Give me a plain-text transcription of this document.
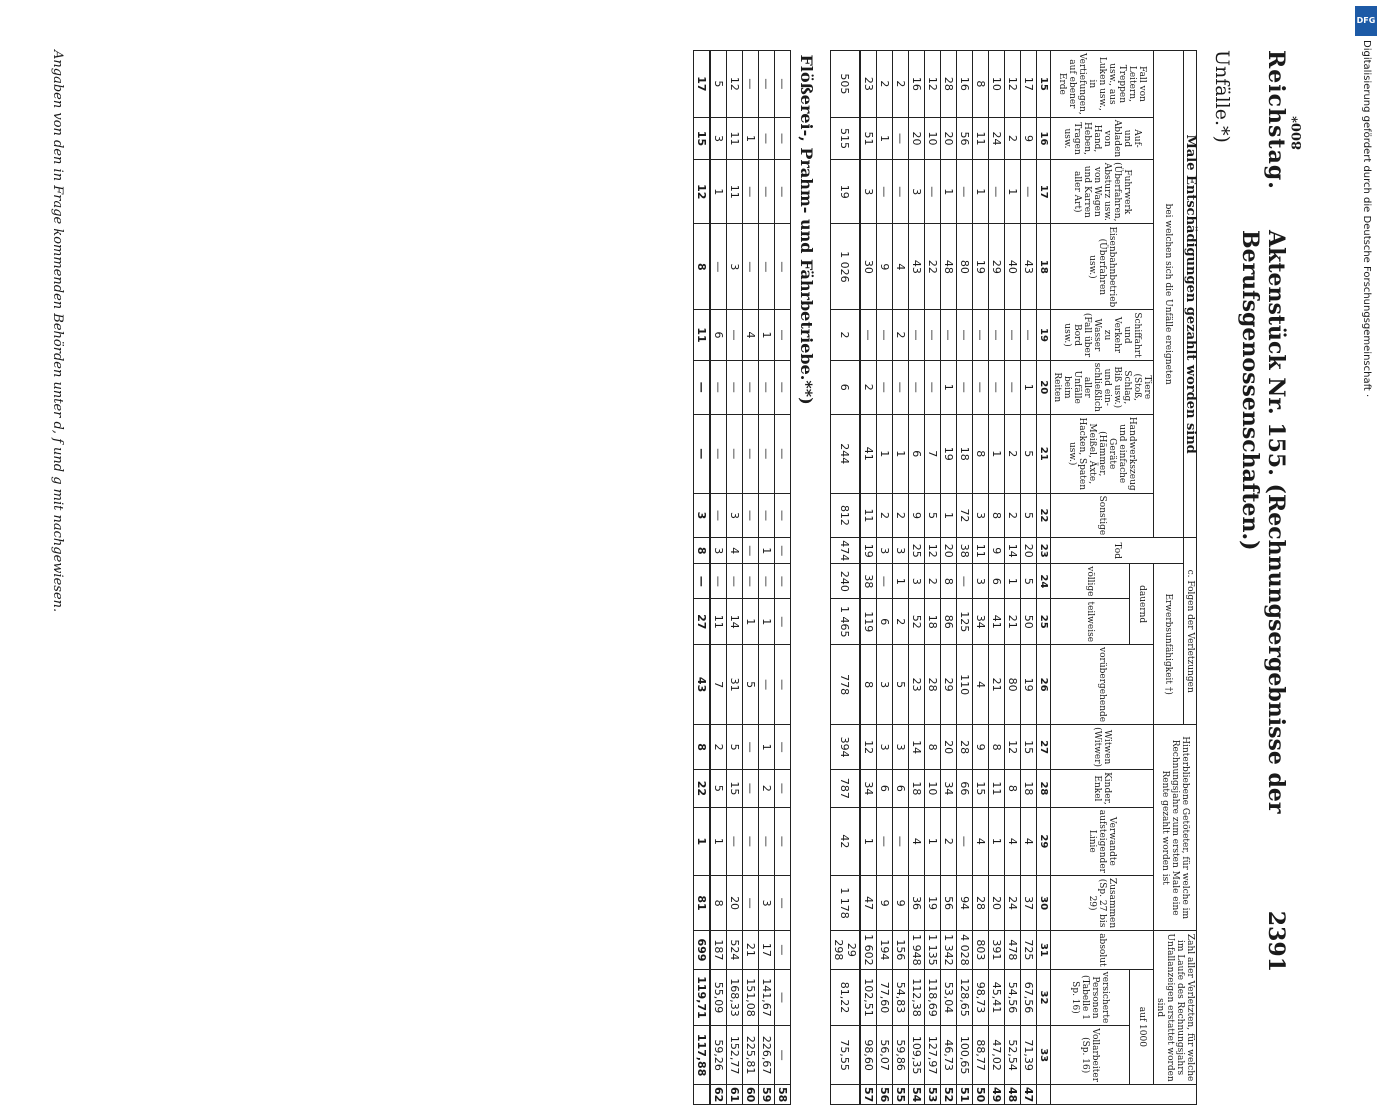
Reichstag.
Aktenstück Nr. 155. (Rechnungsergebnisse der Berufsgenossenschaften.)
2391
Unfälle.*)
Male Entschädigungen gezahlt worden sind								c. Folgen der Verletzungen				Hinterbliebene Getöteter, für welche im Rechnungsjahre zum ersten Male eine Rente gezahlt worden ist				Zahl aller Verletzten, für welche im Laufe des Rechnungsjahrs Unfallanzeigen erstattet worden sind			
bei welchen sich die Unfälle ereigneten								Tod	Erwerbsunfähigkeit †)										
Fall von Leitern, Treppen usw., aus Luken usw., in Vertiefungen, auf ebener Erde	Auf- und Abladen von Hand, Heben, Tragen usw.	Fuhrwerk (Überfahren, Absturz usw. von Wagen und Karren aller Art)	Eisenbahnbetrieb (Überfahren usw.)	Schiffahrt und Verkehr zu Wasser (Fall über Bord usw.)	Tiere (Stoß, Schlag, Biß usw.) und ein-schließlich aller Unfälle beim Reiten	Handwerkszeug und einfache Geräte (Hämmer, Meißel, Äxte, Hacken, Spaten usw.)	Sonstige		dauernd		vorübergehende	Witwen (Witwer)	Kinder, Enkel	Verwandte aufsteigender Linie	Zusammen (Sp. 27 bis 29)	absolut	auf 1000		
									völlige	teilweise							versicherte Personen (Tabelle 1 Sp. 16)	Vollarbeiter (Sp. 16)	
15	16	17	18	19	20	21	22	23	24	25	26	27	28	29	30	31	32	33	
17	9	—	43	—	1	5	5	20	5	50	19	15	18	4	37	725	67,56	71,39	47
12	2	1	40	—	—	2	2	14	1	21	80	12	8	4	24	478	54,56	52,54	48
10	24	—	29	—	—	1	8	9	6	41	21	8	11	1	20	391	45,41	47,02	49
8	11	1	19	—	—	8	3	11	3	34	4	9	15	4	28	803	98,73	88,77	50
16	56	—	80	—	—	18	72	38	—	125	110	28	66	—	94	4 028	128,65	100,65	51
28	20	1	48	—	1	19	1	20	8	86	29	20	34	2	56	1 342	53,04	46,73	52
12	10	—	22	—	—	7	5	12	2	18	28	8	10	1	19	1 135	118,69	127,97	53
16	20	3	43	—	—	6	9	25	3	52	23	14	18	4	36	1 948	112,38	109,35	54
2	—	—	4	2	—	1	2	3	1	2	5	3	6	—	9	156	54,83	59,86	55
2	1	—	9	—	—	1	2	3	—	6	3	3	6	—	9	194	77,60	56,07	56
23	51	3	30	—	2	41	11	19	38	119	8	12	34	1	47	1 602	102,51	98,60	57
505	515	19	1 026	2	6	244	812	474	240	1 465	778	394	787	42	1 178	29 298	81,22	75,55	
Flößerei-, Prahm- und Fährbetriebe.**)																			
—	—	—	—	—	—	—	—	—	—	—	—	—	—	—	—	—	—	—	58
—	—	—	—	1	—	—	—	1	—	1	—	1	2	—	3	17	141,67	226,67	59
—	1	—	—	4	—	—	—	—	—	1	5	—	—	—	—	21	151,08	225,81	60
12	11	11	3	—	—	—	3	4	—	14	31	5	15	—	20	524	168,33	152,77	61
5	3	1	—	6	—	—	—	3	—	11	7	2	5	1	8	187	55,09	59,26	62
17	15	12	8	11	—	—	3	8	—	27	43	8	22	1	81	699	119,71	117,88	
Angaben von den in Frage kommenden Behörden unter d, f und g mit nachgewiesen.	800*
DFG
Digitalisierung gefördert durch die Deutsche Forschungsgemeinschaft ·
